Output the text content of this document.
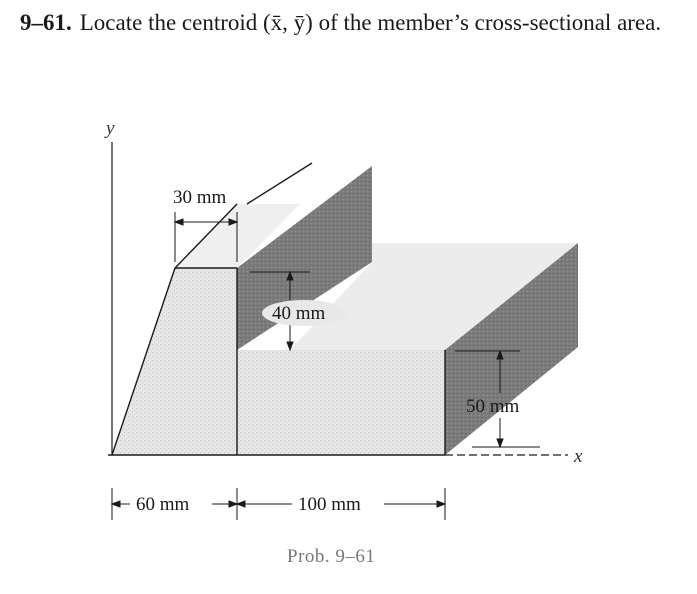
9–61. Locate the centroid (x̄, ȳ) of the member’s cross-sectional area.
y
x
30 mm
40 mm
50 mm
60 mm	100 mm
Prob. 9–61
